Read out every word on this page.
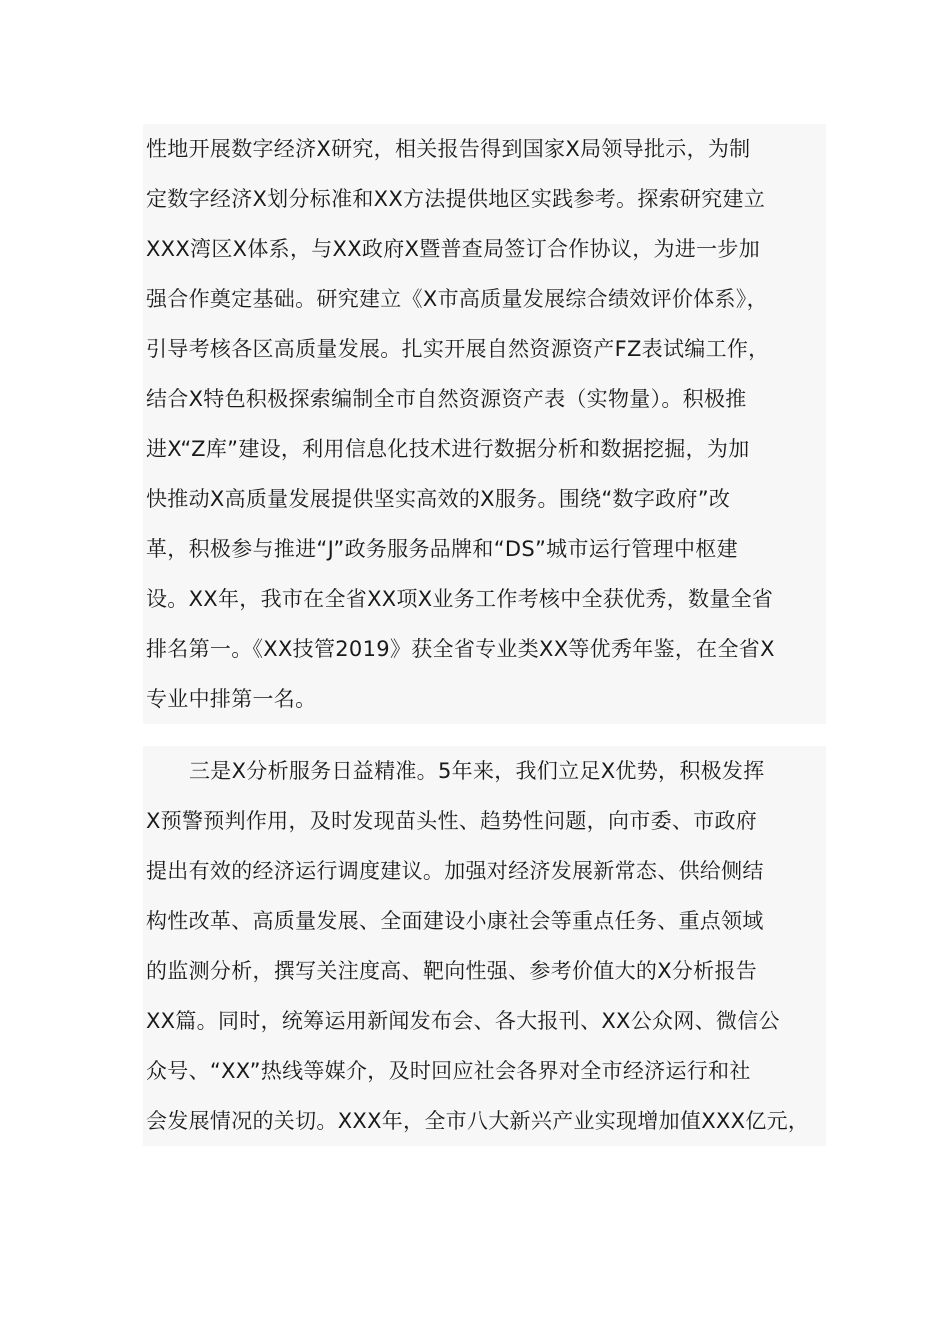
性地开展数字经济X研究，相关报告得到国家X局领导批示，为制
定数字经济X划分标准和XX方法提供地区实践参考。探索研究建立
XXX湾区X体系，与XX政府X暨普查局签订合作协议，为进一步加
强合作奠定基础。研究建立《X市高质量发展综合绩效评价体系》，
引导考核各区高质量发展。扎实开展自然资源资产FZ表试编工作，
结合X特色积极探索编制全市自然资源资产表（实物量）。积极推
进X“Z库”建设，利用信息化技术进行数据分析和数据挖掘，为加
快推动X高质量发展提供坚实高效的X服务。围绕“数字政府”改
革，积极参与推进“J”政务服务品牌和“DS”城市运行管理中枢建
设。XX年，我市在全省XX项X业务工作考核中全获优秀，数量全省
排名第一。《XX技管2019》获全省专业类XX等优秀年鉴，在全省X
专业中排第一名。
三是X分析服务日益精准。5年来，我们立足X优势，积极发挥
X预警预判作用，及时发现苗头性、趋势性问题，向市委、市政府
提出有效的经济运行调度建议。加强对经济发展新常态、供给侧结
构性改革、高质量发展、全面建设小康社会等重点任务、重点领域
的监测分析，撰写关注度高、靶向性强、参考价值大的X分析报告
XX篇。同时，统筹运用新闻发布会、各大报刊、XX公众网、微信公
众号、“XX”热线等媒介，及时回应社会各界对全市经济运行和社
会发展情况的关切。XXX年，全市八大新兴产业实现增加值XXX亿元，
